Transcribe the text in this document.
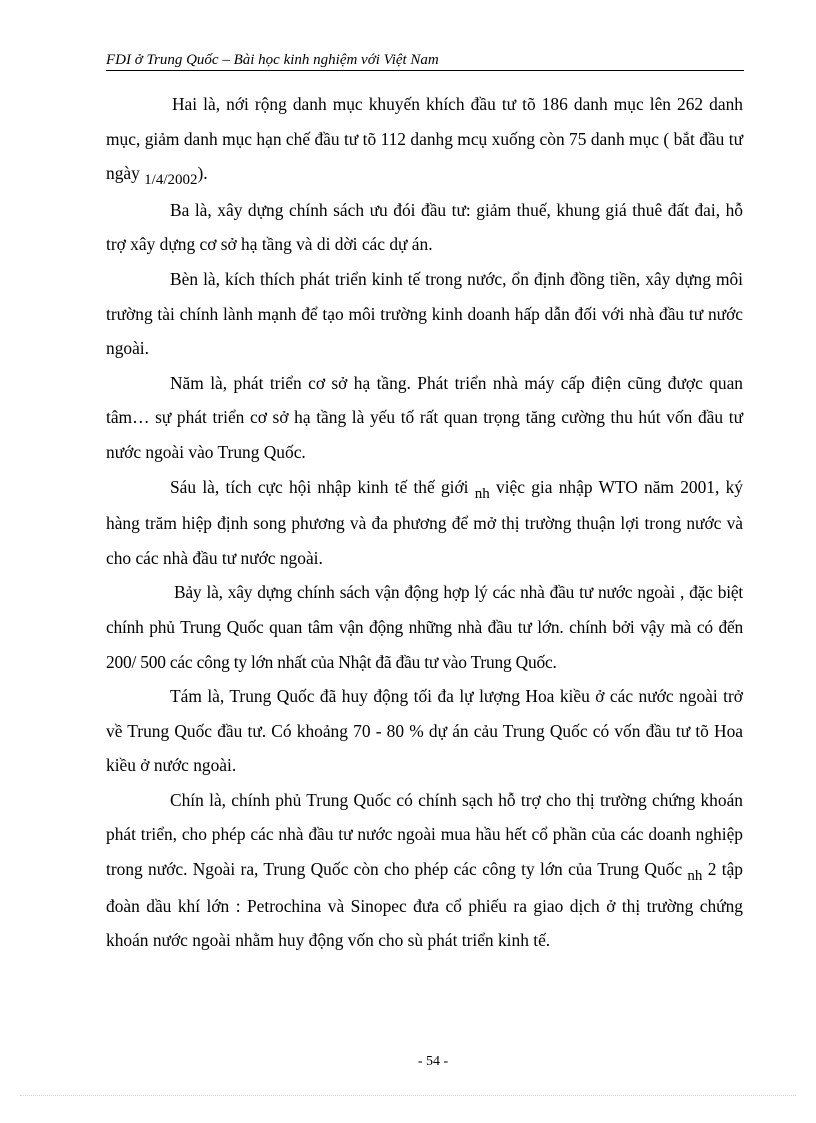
FDI ở Trung Quốc – Bài học kinh nghiệm với Việt Nam

Hai là, nới rộng danh mục khuyến khích đầu tư tõ 186 danh mục lên 262 danh mục, giảm danh mục hạn chế đầu tư tõ 112 danhg mcụ xuống còn 75 danh mục ( bắt đầu tư ngày 1/4/2002).

Ba là, xây dựng chính sách ưu đói đầu tư: giảm thuế, khung giá thuê đất đai, hỗ trợ xây dựng cơ sở hạ tầng và di dời các dự án.

Bèn là, kích thích phát triển kinh tế trong nước, ổn định đồng tiền, xây dựng môi trường tài chính lành mạnh để tạo môi trường kinh doanh hấp dẫn đối với nhà đầu tư nước ngoài.

Năm là, phát triển cơ sở hạ tầng. Phát triển nhà máy cấp điện cũng được quan tâm… sự phát triển cơ sở hạ tầng là yếu tố rất quan trọng tăng cường thu hút vốn đầu tư nước ngoài vào Trung Quốc.

Sáu là, tích cực hội nhập kinh tế thế giới nh việc gia nhập WTO năm 2001, ký hàng trăm hiệp định song phương và đa phương để mở thị trường thuận lợi trong nước và cho các nhà đầu tư nước ngoài.

Bảy là, xây dựng chính sách vận động hợp lý các nhà đầu tư nước ngoài , đặc biệt chính phủ Trung Quốc quan tâm vận động những nhà đầu tư lớn. chính bởi vậy mà có đến 200/ 500 các công ty lớn nhất của Nhật đã đầu tư vào Trung Quốc.

Tám là, Trung Quốc đã huy động tối đa lự lượng Hoa kiều ở các nước ngoài trở về Trung Quốc đầu tư. Có khoảng 70 - 80 % dự án cảu Trung Quốc có vốn đầu tư tõ Hoa kiều ở nước ngoài.

Chín là, chính phủ Trung Quốc có chính sạch hỗ trợ cho thị trường chứng khoán phát triển, cho phép các nhà đầu tư nước ngoài mua hầu hết cổ phần của các doanh nghiệp trong nước. Ngoài ra, Trung Quốc còn cho phép các công ty lớn của Trung Quốc nh 2 tập đoàn dầu khí lớn : Petrochina và Sinopec đưa cổ phiếu ra giao dịch ở thị trường chứng khoán nước ngoài nhằm huy động vốn cho sù phát triển kinh tế.

- 54 -
